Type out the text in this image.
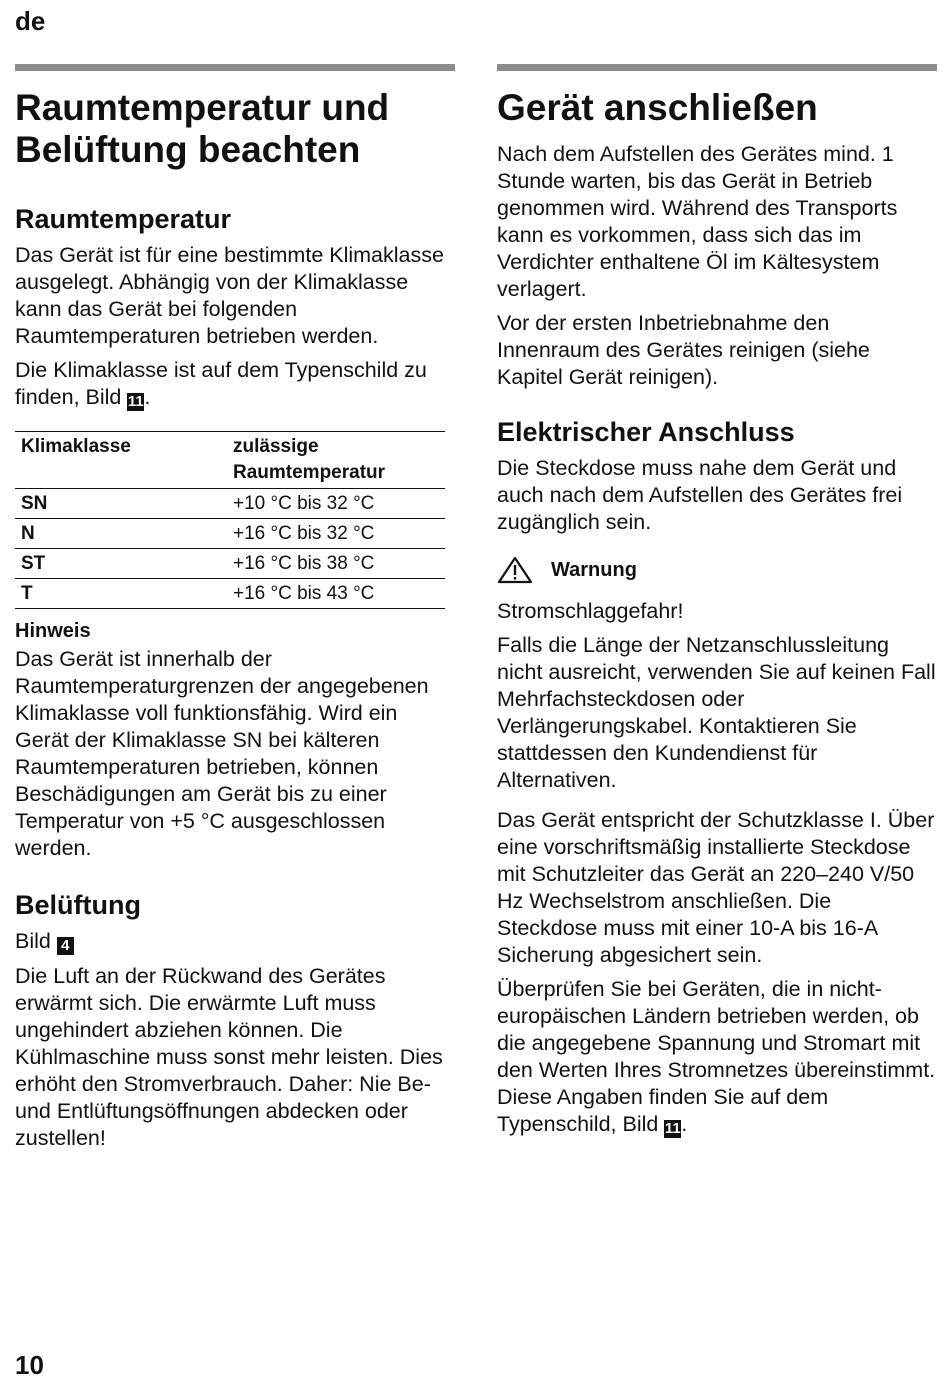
de
Raumtemperatur und Belüftung beachten
Raumtemperatur

Das Gerät ist für eine bestimmte Klimaklasse ausgelegt. Abhängig von der Klimaklasse kann das Gerät bei folgenden Raumtemperaturen betrieben werden.

Die Klimaklasse ist auf dem Typenschild zu finden, Bild 11.

Klimaklasse	zulässige Raumtemperatur
SN	+10 °C bis 32 °C
N	+16 °C bis 32 °C
ST	+16 °C bis 38 °C
T	+16 °C bis 43 °C
Hinweis

Das Gerät ist innerhalb der Raumtemperaturgrenzen der angegebenen Klimaklasse voll funktionsfähig. Wird ein Gerät der Klimaklasse SN bei kälteren Raumtemperaturen betrieben, können Beschädigungen am Gerät bis zu einer Temperatur von +5 °C ausgeschlossen werden.

Belüftung

Bild 4

Die Luft an der Rückwand des Gerätes erwärmt sich. Die erwärmte Luft muss ungehindert abziehen können. Die Kühlmaschine muss sonst mehr leisten. Dies erhöht den Stromverbrauch. Daher: Nie Be- und Entlüftungsöffnungen abdecken oder zustellen!

Gerät anschließen

Nach dem Aufstellen des Gerätes mind. 1 Stunde warten, bis das Gerät in Betrieb genommen wird. Während des Transports kann es vorkommen, dass sich das im Verdichter enthaltene Öl im Kältesystem verlagert.

Vor der ersten Inbetriebnahme den Innenraum des Gerätes reinigen (siehe Kapitel Gerät reinigen).

Elektrischer Anschluss

Die Steckdose muss nahe dem Gerät und auch nach dem Aufstellen des Gerätes frei zugänglich sein.

Warnung

Stromschlaggefahr!

Falls die Länge der Netzanschlussleitung nicht ausreicht, verwenden Sie auf keinen Fall Mehrfachsteckdosen oder Verlängerungskabel. Kontaktieren Sie stattdessen den Kundendienst für Alternativen.

Das Gerät entspricht der Schutzklasse I. Über eine vorschriftsmäßig installierte Steckdose mit Schutzleiter das Gerät an 220–240 V/50 Hz Wechselstrom anschließen. Die Steckdose muss mit einer 10-A bis 16-A Sicherung abgesichert sein.

Überprüfen Sie bei Geräten, die in nicht-europäischen Ländern betrieben werden, ob die angegebene Spannung und Stromart mit den Werten Ihres Stromnetzes übereinstimmt. Diese Angaben finden Sie auf dem Typenschild, Bild 11.

10
